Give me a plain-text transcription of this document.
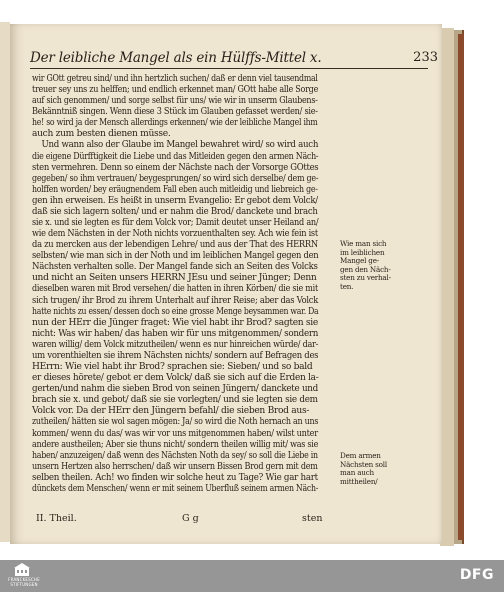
Der leibliche Mangel als ein Hülffs-Mittel x.	233
wir GOtt getreu sind/ und ihn hertzlich suchen/ daß er denn viel tausendmal
treuer sey uns zu helffen; und endlich erkennet man/ GOtt habe alle Sorge
auf sich genommen/ und sorge selbst für uns/ wie wir in unserm Glaubens-
Bekänntniß singen. Wenn diese 3 Stück im Glauben gefasset werden/ sie-
he! so wird ja der Mensch allerdings erkennen/ wie der leibliche Mangel ihm
auch zum besten dienen müsse.
Und wann also der Glaube im Mangel bewahret wird/ so wird auch
die eigene Dürfftigkeit die Liebe und das Mitleiden gegen den armen Näch-
sten vermehren. Denn so einem der Nächste nach der Vorsorge GOttes
gegeben/ so ihm vertrauen/ beygesprungen/ so wird sich derselbe/ dem ge-
holffen worden/ bey eräugnendem Fall eben auch mitleidig und liebreich ge-
gen ihn erweisen. Es heißt in unserm Evangelio: Er gebot dem Volck/
daß sie sich lagern solten/ und er nahm die Brod/ danckete und brach
sie x. und sie legten es für dem Volck vor; Damit deutet unser Heiland an/
wie dem Nächsten in der Noth nichts vorzuenthalten sey. Ach wie fein ist
da zu mercken aus der lebendigen Lehre/ und aus der That des HERRN
selbsten/ wie man sich in der Noth und im leiblichen Mangel gegen den
Nächsten verhalten solle. Der Mangel fande sich an Seiten des Volcks
und nicht an Seiten unsers HERRN JEsu und seiner Jünger; Denn
dieselben waren mit Brod versehen/ die hatten in ihren Körben/ die sie mit
sich trugen/ ihr Brod zu ihrem Unterhalt auf ihrer Reise; aber das Volck
hatte nichts zu essen/ dessen doch so eine grosse Menge beysammen war. Da
nun der HErr die Jünger fraget: Wie viel habt ihr Brod? sagten sie
nicht: Was wir haben/ das haben wir für uns mitgenommen/ sondern
waren willig/ dem Volck mitzutheilen/ wenn es nur hinreichen würde/ dar-
um vorenthielten sie ihrem Nächsten nichts/ sondern auf Befragen des
HErrn: Wie viel habt ihr Brod? sprachen sie: Sieben/ und so bald
er dieses hörete/ gebot er dem Volck/ daß sie sich auf die Erden la-
gerten/und nahm die sieben Brod von seinen Jüngern/ danckete und
brach sie x. und gebot/ daß sie sie vorlegten/ und sie legten sie dem
Volck vor. Da der HErr den Jüngern befahl/ die sieben Brod aus-
zutheilen/ hätten sie wol sagen mögen: Ja/ so wird die Noth hernach an uns
kommen/ wenn du das/ was wir vor uns mitgenommen haben/ wilst unter
andere austheilen; Aber sie thuns nicht/ sondern theilen willig mit/ was sie
haben/ anzuzeigen/ daß wenn des Nächsten Noth da sey/ so soll die Liebe in
unsern Hertzen also herrschen/ daß wir unsern Bissen Brod gern mit dem
selben theilen. Ach! wo finden wir solche heut zu Tage? Wie gar hart
dünckets dem Menschen/ wenn er mit seinem Uberfluß seinem armen Näch-
Wie man sich
im leiblichen
Mangel ge-
gen den Näch-
sten zu verhal-
ten.
Dem armen
Nächsten soll
man auch
mittheilen/
II. Theil.	G g	sten
FRANCKESCHE STIFTUNGEN
DFG
